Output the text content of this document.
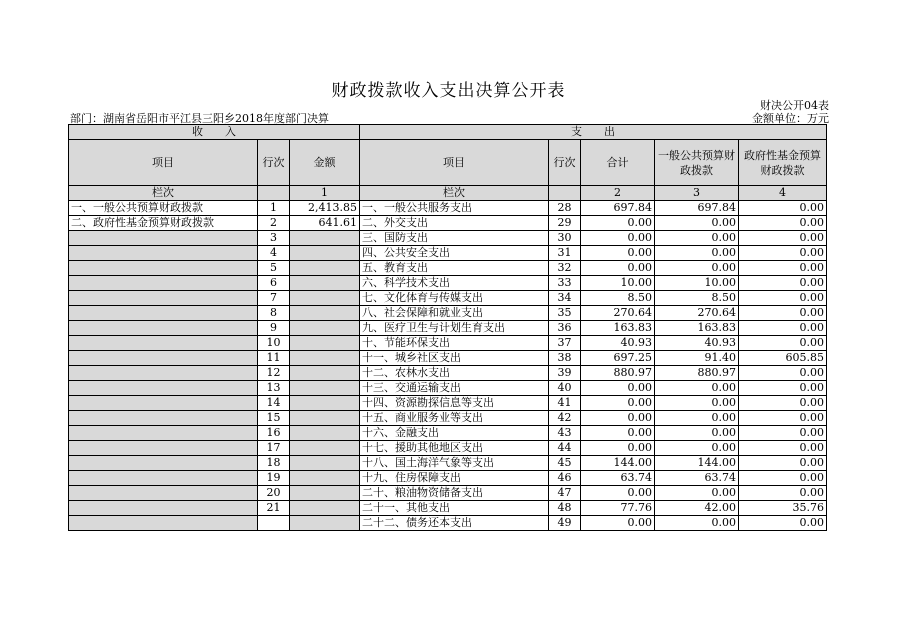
财政拨款收入支出决算公开表
财决公开04表
部门：湖南省岳阳市平江县三阳乡2018年度部门决算	金额单位：万元
收　　入			支　　出				
项目	行次	金额	项目	行次	合计	一般公共预算财政拨款	政府性基金预算财政拨款
栏次		1	栏次		2	3	4
一、一般公共预算财政拨款	1	2,413.85	一、一般公共服务支出	28	697.84	697.84	0.00
二、政府性基金预算财政拨款	2	641.61	二、外交支出	29	0.00	0.00	0.00
	3		三、国防支出	30	0.00	0.00	0.00
	4		四、公共安全支出	31	0.00	0.00	0.00
	5		五、教育支出	32	0.00	0.00	0.00
	6		六、科学技术支出	33	10.00	10.00	0.00
	7		七、文化体育与传媒支出	34	8.50	8.50	0.00
	8		八、社会保障和就业支出	35	270.64	270.64	0.00
	9		九、医疗卫生与计划生育支出	36	163.83	163.83	0.00
	10		十、节能环保支出	37	40.93	40.93	0.00
	11		十一、城乡社区支出	38	697.25	91.40	605.85
	12		十二、农林水支出	39	880.97	880.97	0.00
	13		十三、交通运输支出	40	0.00	0.00	0.00
	14		十四、资源勘探信息等支出	41	0.00	0.00	0.00
	15		十五、商业服务业等支出	42	0.00	0.00	0.00
	16		十六、金融支出	43	0.00	0.00	0.00
	17		十七、援助其他地区支出	44	0.00	0.00	0.00
	18		十八、国土海洋气象等支出	45	144.00	144.00	0.00
	19		十九、住房保障支出	46	63.74	63.74	0.00
	20		二十、粮油物资储备支出	47	0.00	0.00	0.00
	21		二十一、其他支出	48	77.76	42.00	35.76
			二十二、债务还本支出	49	0.00	0.00	0.00
